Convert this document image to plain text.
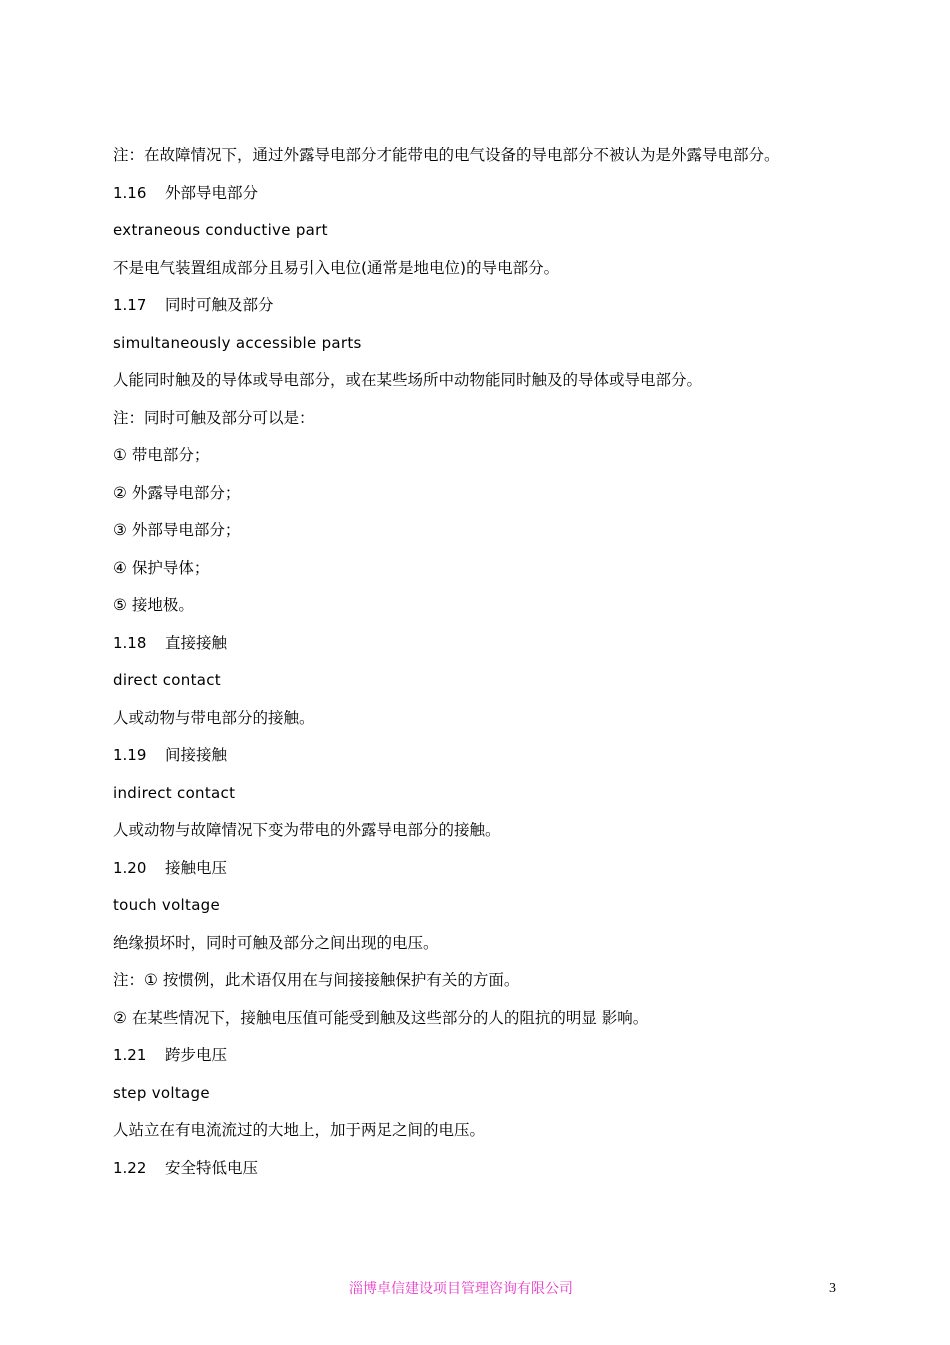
注：在故障情况下，通过外露导电部分才能带电的电气设备的导电部分不被认为是外露导电部分。
1.16 外部导电部分
extraneous conductive part
不是电气装置组成部分且易引入电位(通常是地电位)的导电部分。
1.17 同时可触及部分
simultaneously accessible parts
人能同时触及的导体或导电部分，或在某些场所中动物能同时触及的导体或导电部分。
注：同时可触及部分可以是：
① 带电部分；
② 外露导电部分；
③ 外部导电部分；
④ 保护导体；
⑤ 接地极。
1.18 直接接触
direct contact
人或动物与带电部分的接触。
1.19 间接接触
indirect contact
人或动物与故障情况下变为带电的外露导电部分的接触。
1.20 接触电压
touch voltage
绝缘损坏时，同时可触及部分之间出现的电压。
注：① 按惯例，此术语仅用在与间接接触保护有关的方面。
② 在某些情况下，接触电压值可能受到触及这些部分的人的阻抗的明显 影响。
1.21 跨步电压
step voltage
人站立在有电流流过的大地上，加于两足之间的电压。
1.22 安全特低电压
淄博卓信建设项目管理咨询有限公司	3
